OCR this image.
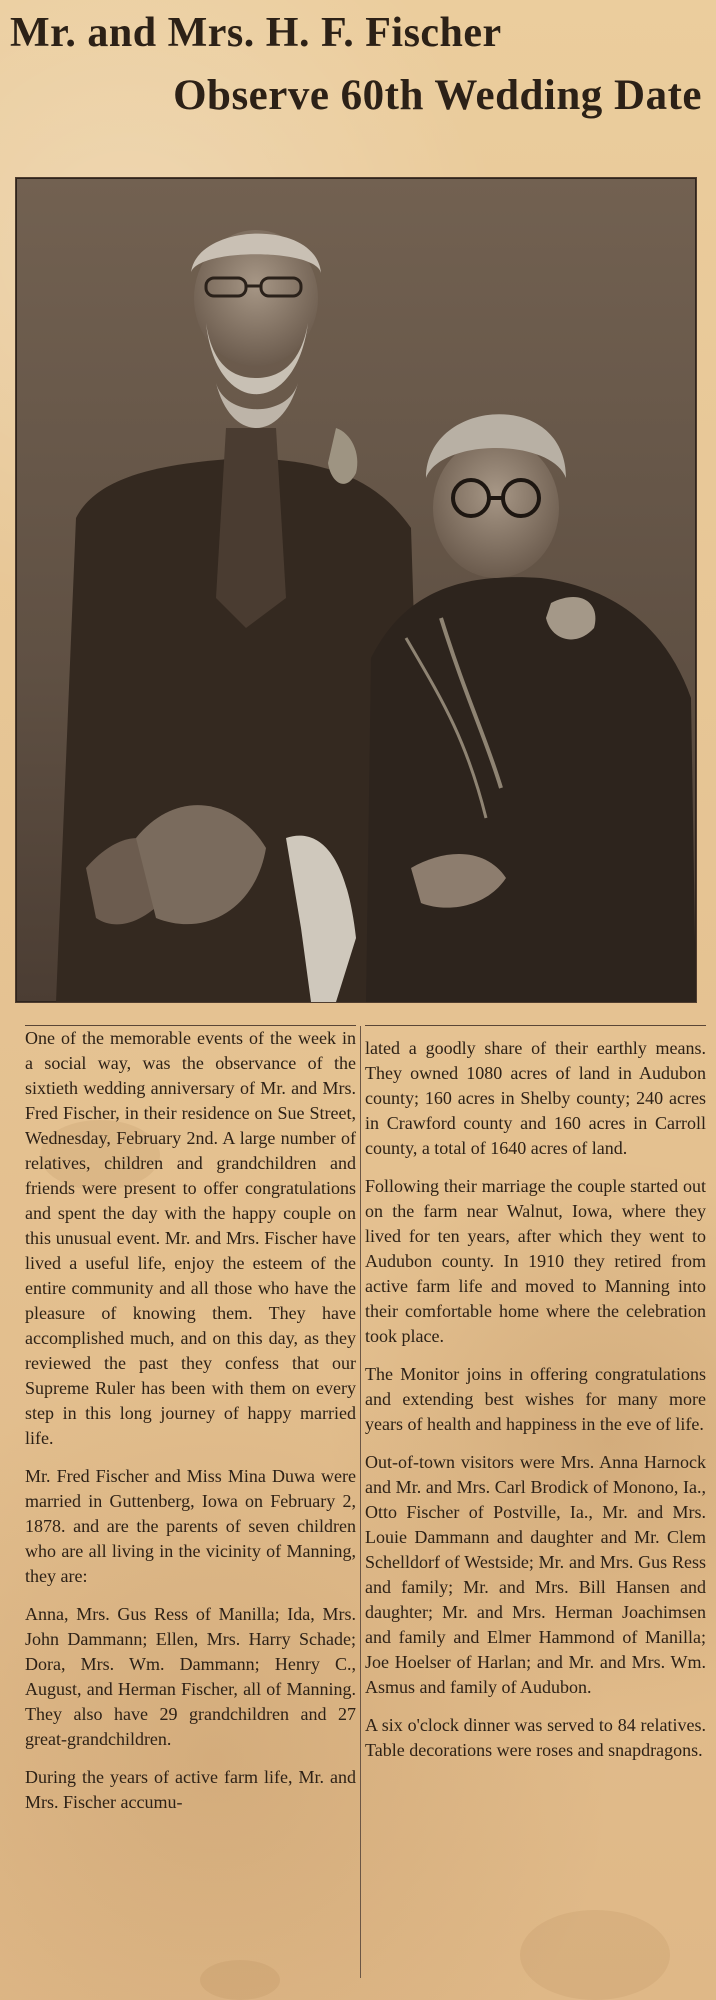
Mr. and Mrs. H. F. Fischer
Observe 60th Wedding Date

One of the memorable events of the week in a social way, was the observance of the sixtieth wedding anniversary of Mr. and Mrs. Fred Fischer, in their residence on Sue Street, Wednesday, February 2nd. A large number of relatives, children and grandchildren and friends were present to offer congratulations and spent the day with the happy couple on this unusual event. Mr. and Mrs. Fischer have lived a useful life, enjoy the esteem of the entire community and all those who have the pleasure of knowing them. They have accomplished much, and on this day, as they reviewed the past they confess that our Supreme Ruler has been with them on every step in this long journey of happy married life.

Mr. Fred Fischer and Miss Mina Duwa were married in Guttenberg, Iowa on February 2, 1878. and are the parents of seven children who are all living in the vicinity of Manning, they are:

Anna, Mrs. Gus Ress of Manilla; Ida, Mrs. John Dammann; Ellen, Mrs. Harry Schade; Dora, Mrs. Wm. Dammann; Henry C., August, and Herman Fischer, all of Manning. They also have 29 grandchildren and 27 great-grandchildren.

During the years of active farm life, Mr. and Mrs. Fischer accumu-

lated a goodly share of their earthly means. They owned 1080 acres of land in Audubon county; 160 acres in Shelby county; 240 acres in Crawford county and 160 acres in Carroll county, a total of 1640 acres of land.

Following their marriage the couple started out on the farm near Walnut, Iowa, where they lived for ten years, after which they went to Audubon county. In 1910 they retired from active farm life and moved to Manning into their comfortable home where the celebration took place.

The Monitor joins in offering congratulations and extending best wishes for many more years of health and happiness in the eve of life.

Out-of-town visitors were Mrs. Anna Harnock and Mr. and Mrs. Carl Brodick of Monono, Ia., Otto Fischer of Postville, Ia., Mr. and Mrs. Louie Dammann and daughter and Mr. Clem Schelldorf of Westside; Mr. and Mrs. Gus Ress and family; Mr. and Mrs. Bill Hansen and daughter; Mr. and Mrs. Herman Joachimsen and family and Elmer Hammond of Manilla; Joe Hoelser of Harlan; and Mr. and Mrs. Wm. Asmus and family of Audubon.

A six o'clock dinner was served to 84 relatives. Table decorations were roses and snapdragons.
